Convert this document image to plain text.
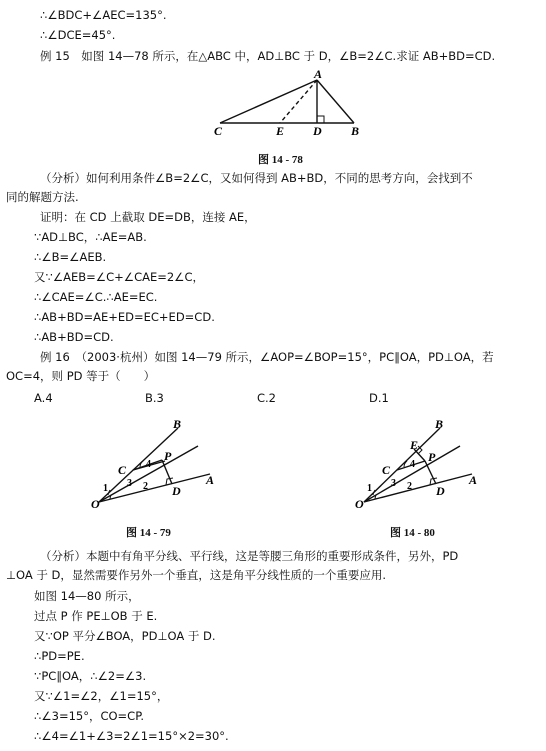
∴∠BDC+∠AEC=135°.
∴∠DCE=45°.
例 15　如图 14—78 所示，在△ABC 中，AD⊥BC 于 D，∠B=2∠C.求证 AB+BD=CD.
A
C	E D B
图 14 - 78
（分析）如何利用条件∠B=2∠C，又如何得到 AB+BD，不同的思考方向，会找到不
同的解题方法.
证明：在 CD 上截取 DE=DB，连接 AE，
∵AD⊥BC，∴AE=AB.
∴∠B=∠AEB.
又∵∠AEB=∠C+∠CAE=2∠C，
∴∠CAE=∠C.∴AE=EC.
∴AB+BD=AE+ED=EC+ED=CD.
∴AB+BD=CD.
例 16　（2003·杭州）如图 14—79 所示，∠AOP=∠BOP=15°，PC∥OA，PD⊥OA，若
OC=4，则 PD 等于（　　）
A.4	B.3	C.2	D.1
B
P
C
O
D
A
1	2
3
4
图 14 - 79
B
E
P
C
O
D
A
1	2
3
4
图 14 - 80
（分析）本题中有角平分线、平行线，这是等腰三角形的重要形成条件，另外，PD
⊥OA 于 D，显然需要作另外一个垂直，这是角平分线性质的一个重要应用.
如图 14—80 所示，
过点 P 作 PE⊥OB 于 E.
又∵OP 平分∠BOA，PD⊥OA 于 D.
∴PD=PE.
∵PC∥OA，∴∠2=∠3.
又∵∠1=∠2，∠1=15°，
∴∠3=15°，CO=CP.
∴∠4=∠1+∠3=2∠1=15°×2=30°.
